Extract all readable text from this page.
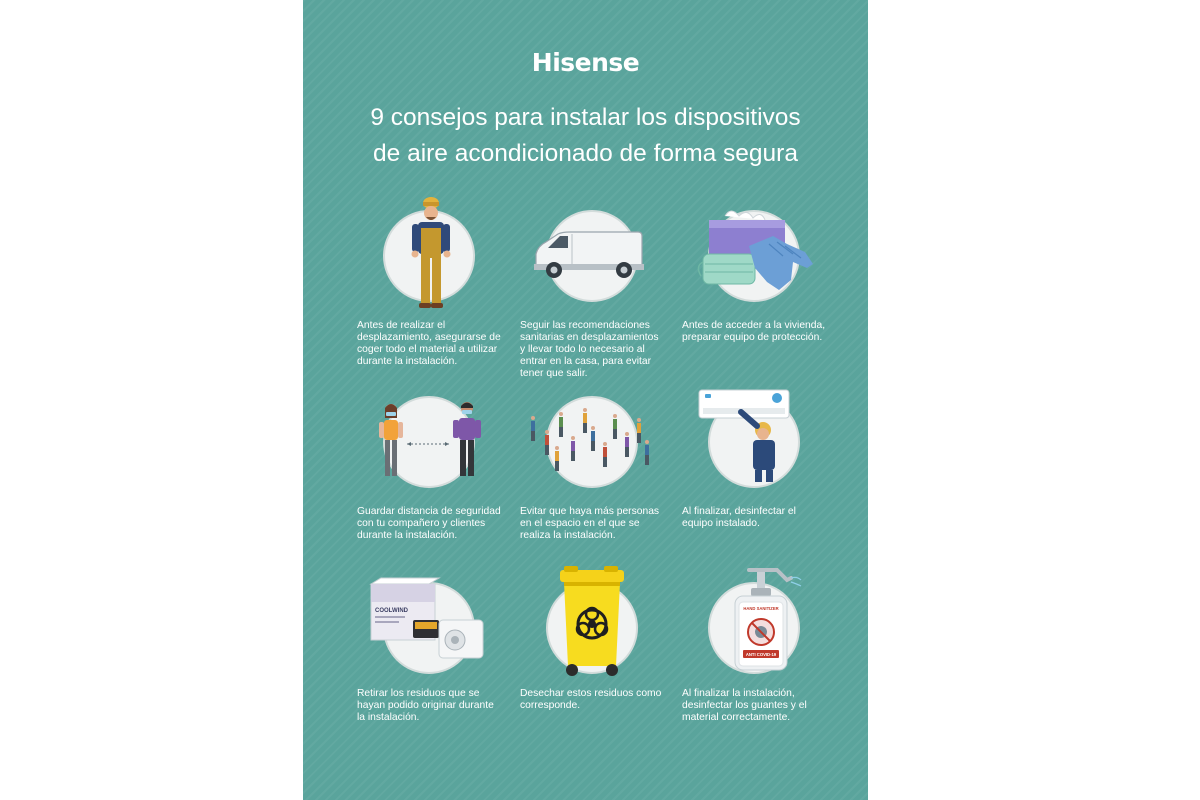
Hisense
9 consejos para instalar los dispositivos
de aire acondicionado de forma segura
Antes de realizar el desplazamiento, asegurarse de coger todo el material a utilizar durante la instalación.
Seguir las recomendaciones sanitarias en desplazamientos y llevar todo lo necesario al entrar en la casa, para evitar tener que salir.
Antes de acceder a la vivienda, preparar equipo de protección.
Guardar distancia de seguridad con tu compañero y clientes durante la instalación.
Evitar que haya más personas en el espacio en el que se realiza la instalación.
Al finalizar, desinfectar el equipo instalado.
COOLWIND
Retirar los residuos que se hayan podido originar durante la instalación.
Desechar estos residuos como corresponde.
HAND SANITIZER
ANTI COVID-19
Al finalizar la instalación, desinfectar los guantes y el material correctamente.
